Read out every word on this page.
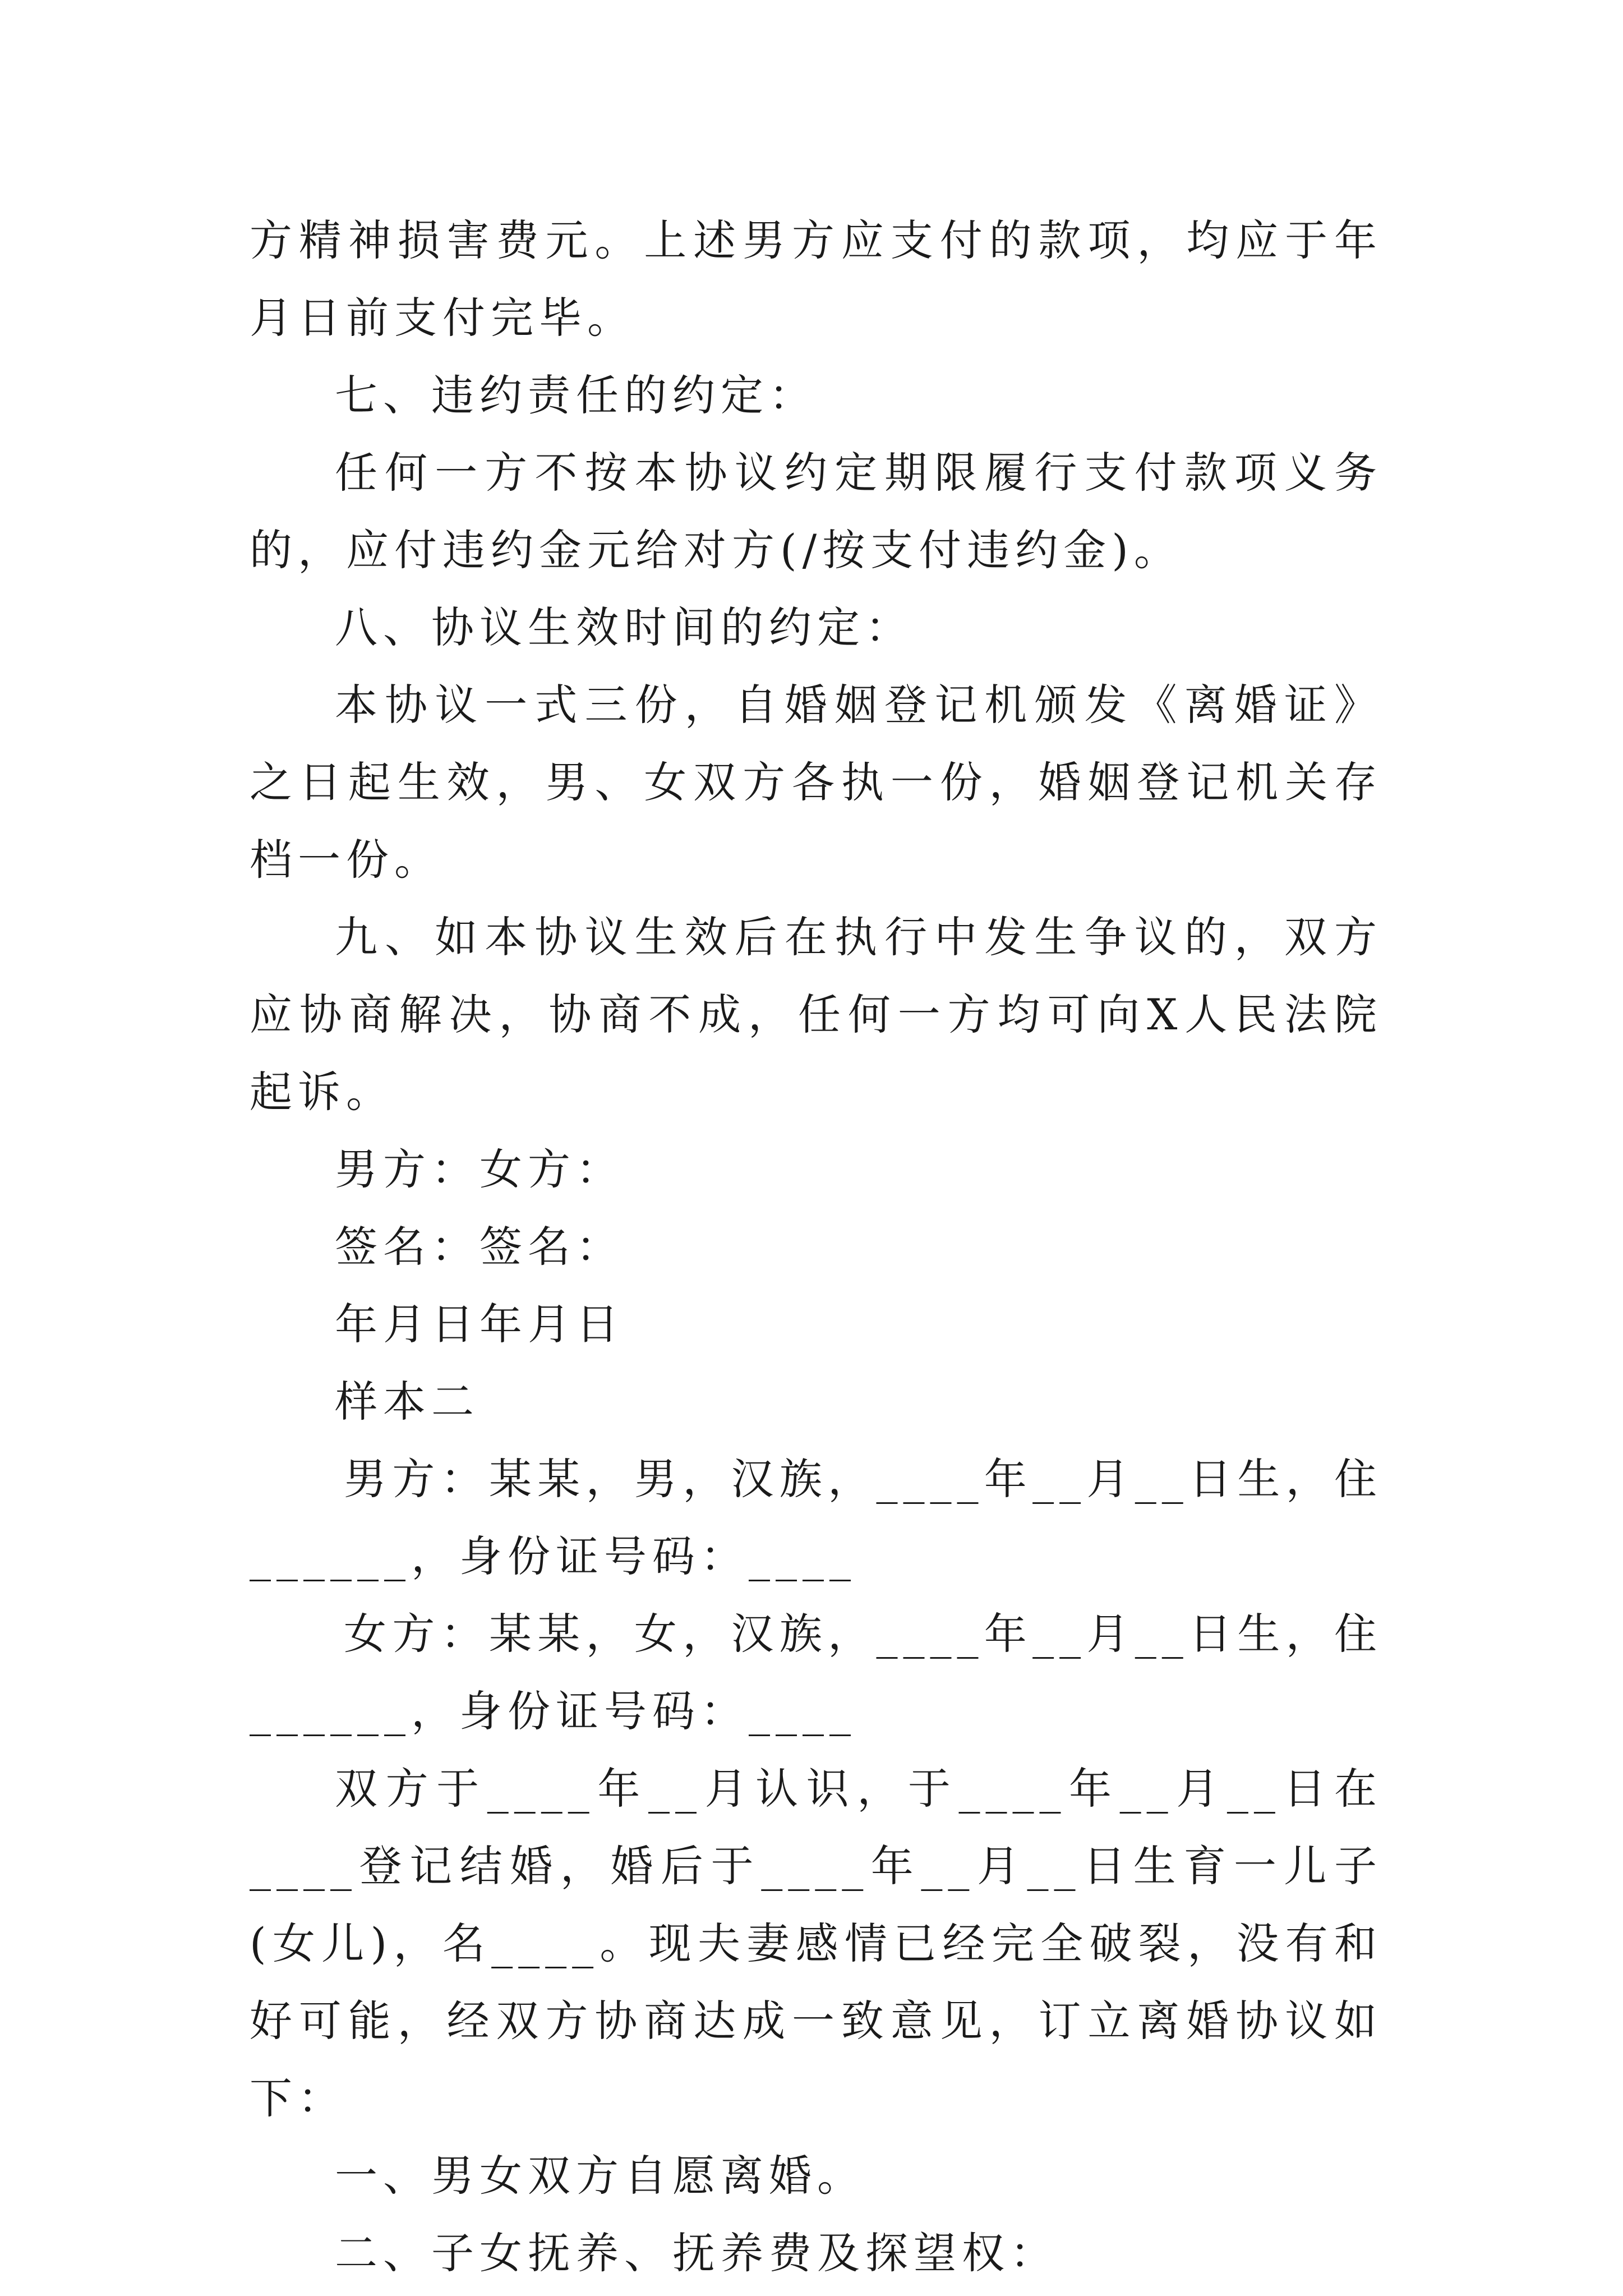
方精神损害费元。上述男方应支付的款项，均应于年月日前支付完毕。

七、违约责任的约定：

任何一方不按本协议约定期限履行支付款项义务的，应付违约金元给对方(/按支付违约金)。

八、协议生效时间的约定：

本协议一式三份，自婚姻登记机颁发《离婚证》之日起生效，男、女双方各执一份，婚姻登记机关存档一份。

九、如本协议生效后在执行中发生争议的，双方应协商解决，协商不成，任何一方均可向X人民法院起诉。

男方：女方：

签名：签名：

年月日年月日

样本二

男方：某某，男，汉族，____年__月__日生，住______，身份证号码：____

女方：某某，女，汉族，____年__月__日生，住______，身份证号码：____

双方于____年__月认识，于____年__月__日在____登记结婚，婚后于____年__月__日生育一儿子(女儿)，名____。现夫妻感情已经完全破裂，没有和好可能，经双方协商达成一致意见，订立离婚协议如下：

一、男女双方自愿离婚。

二、子女抚养、抚养费及探望权：
